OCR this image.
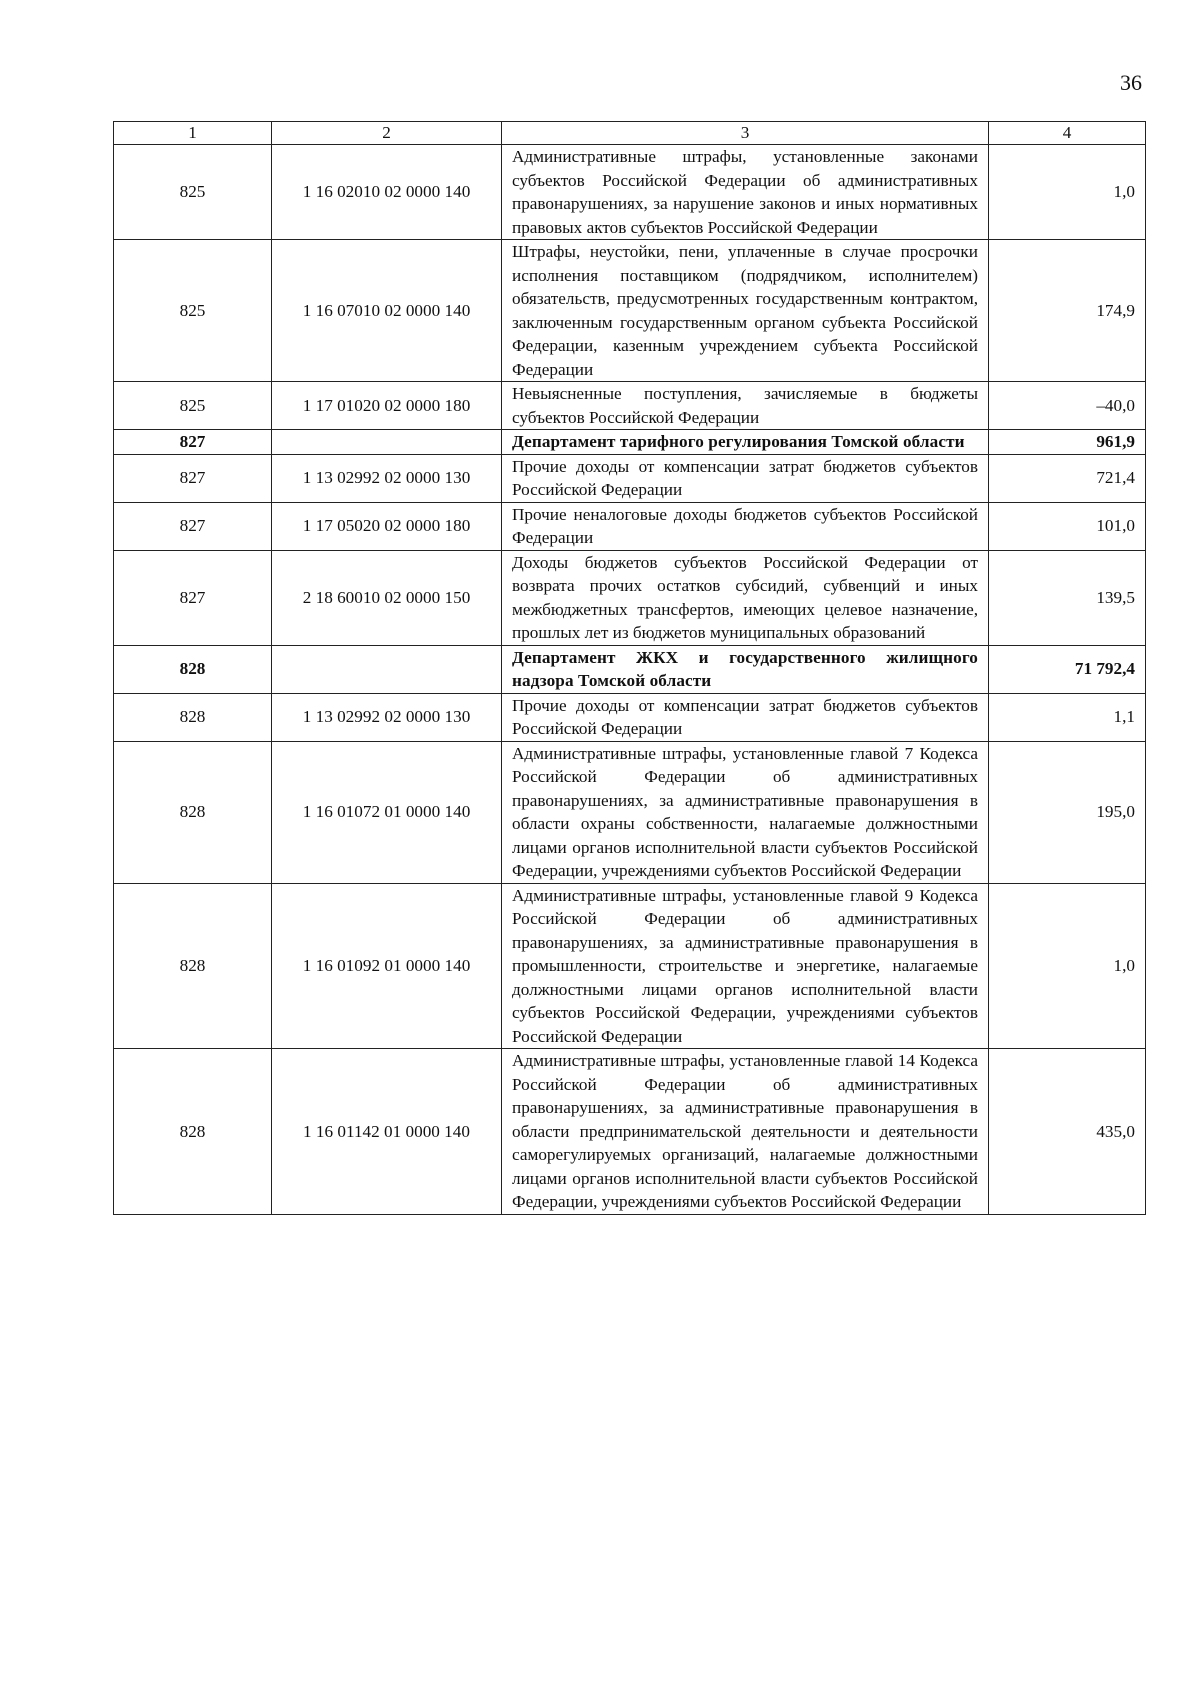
36
1	2	3	4
825	1 16 02010 02 0000 140	Административные штрафы, установленные законами субъектов Российской Федерации об административных правонарушениях, за нарушение законов и иных нормативных правовых актов субъектов Российской Федерации	1,0
825	1 16 07010 02 0000 140	Штрафы, неустойки, пени, уплаченные в случае просрочки исполнения поставщиком (подрядчиком, исполнителем) обязательств, предусмотренных государственным контрактом, заключенным государственным органом субъекта Российской Федерации, казенным учреждением субъекта Российской Федерации	174,9
825	1 17 01020 02 0000 180	Невыясненные поступления, зачисляемые в бюджеты субъектов Российской Федерации	–40,0
827		Департамент тарифного регулирования Томской области	961,9
827	1 13 02992 02 0000 130	Прочие доходы от компенсации затрат бюджетов субъектов Российской Федерации	721,4
827	1 17 05020 02 0000 180	Прочие неналоговые доходы бюджетов субъектов Российской Федерации	101,0
827	2 18 60010 02 0000 150	Доходы бюджетов субъектов Российской Федерации от возврата прочих остатков субсидий, субвенций и иных межбюджетных трансфертов, имеющих целевое назначение, прошлых лет из бюджетов муниципальных образований	139,5
828		Департамент ЖКХ и государственного жилищного надзора Томской области	71 792,4
828	1 13 02992 02 0000 130	Прочие доходы от компенсации затрат бюджетов субъектов Российской Федерации	1,1
828	1 16 01072 01 0000 140	Административные штрафы, установленные главой 7 Кодекса Российской Федерации об административных правонарушениях, за административные правонарушения в области охраны собственности, налагаемые должностными лицами органов исполнительной власти субъектов Российской Федерации, учреждениями субъектов Российской Федерации	195,0
828	1 16 01092 01 0000 140	Административные штрафы, установленные главой 9 Кодекса Российской Федерации об административных правонарушениях, за административные правонарушения в промышленности, строительстве и энергетике, налагаемые должностными лицами органов исполнительной власти субъектов Российской Федерации, учреждениями субъектов Российской Федерации	1,0
828	1 16 01142 01 0000 140	Административные штрафы, установленные главой 14 Кодекса Российской Федерации об административных правонарушениях, за административные правонарушения в области предпринимательской деятельности и деятельности саморегулируемых организаций, налагаемые должностными лицами органов исполнительной власти субъектов Российской Федерации, учреждениями субъектов Российской Федерации	435,0
